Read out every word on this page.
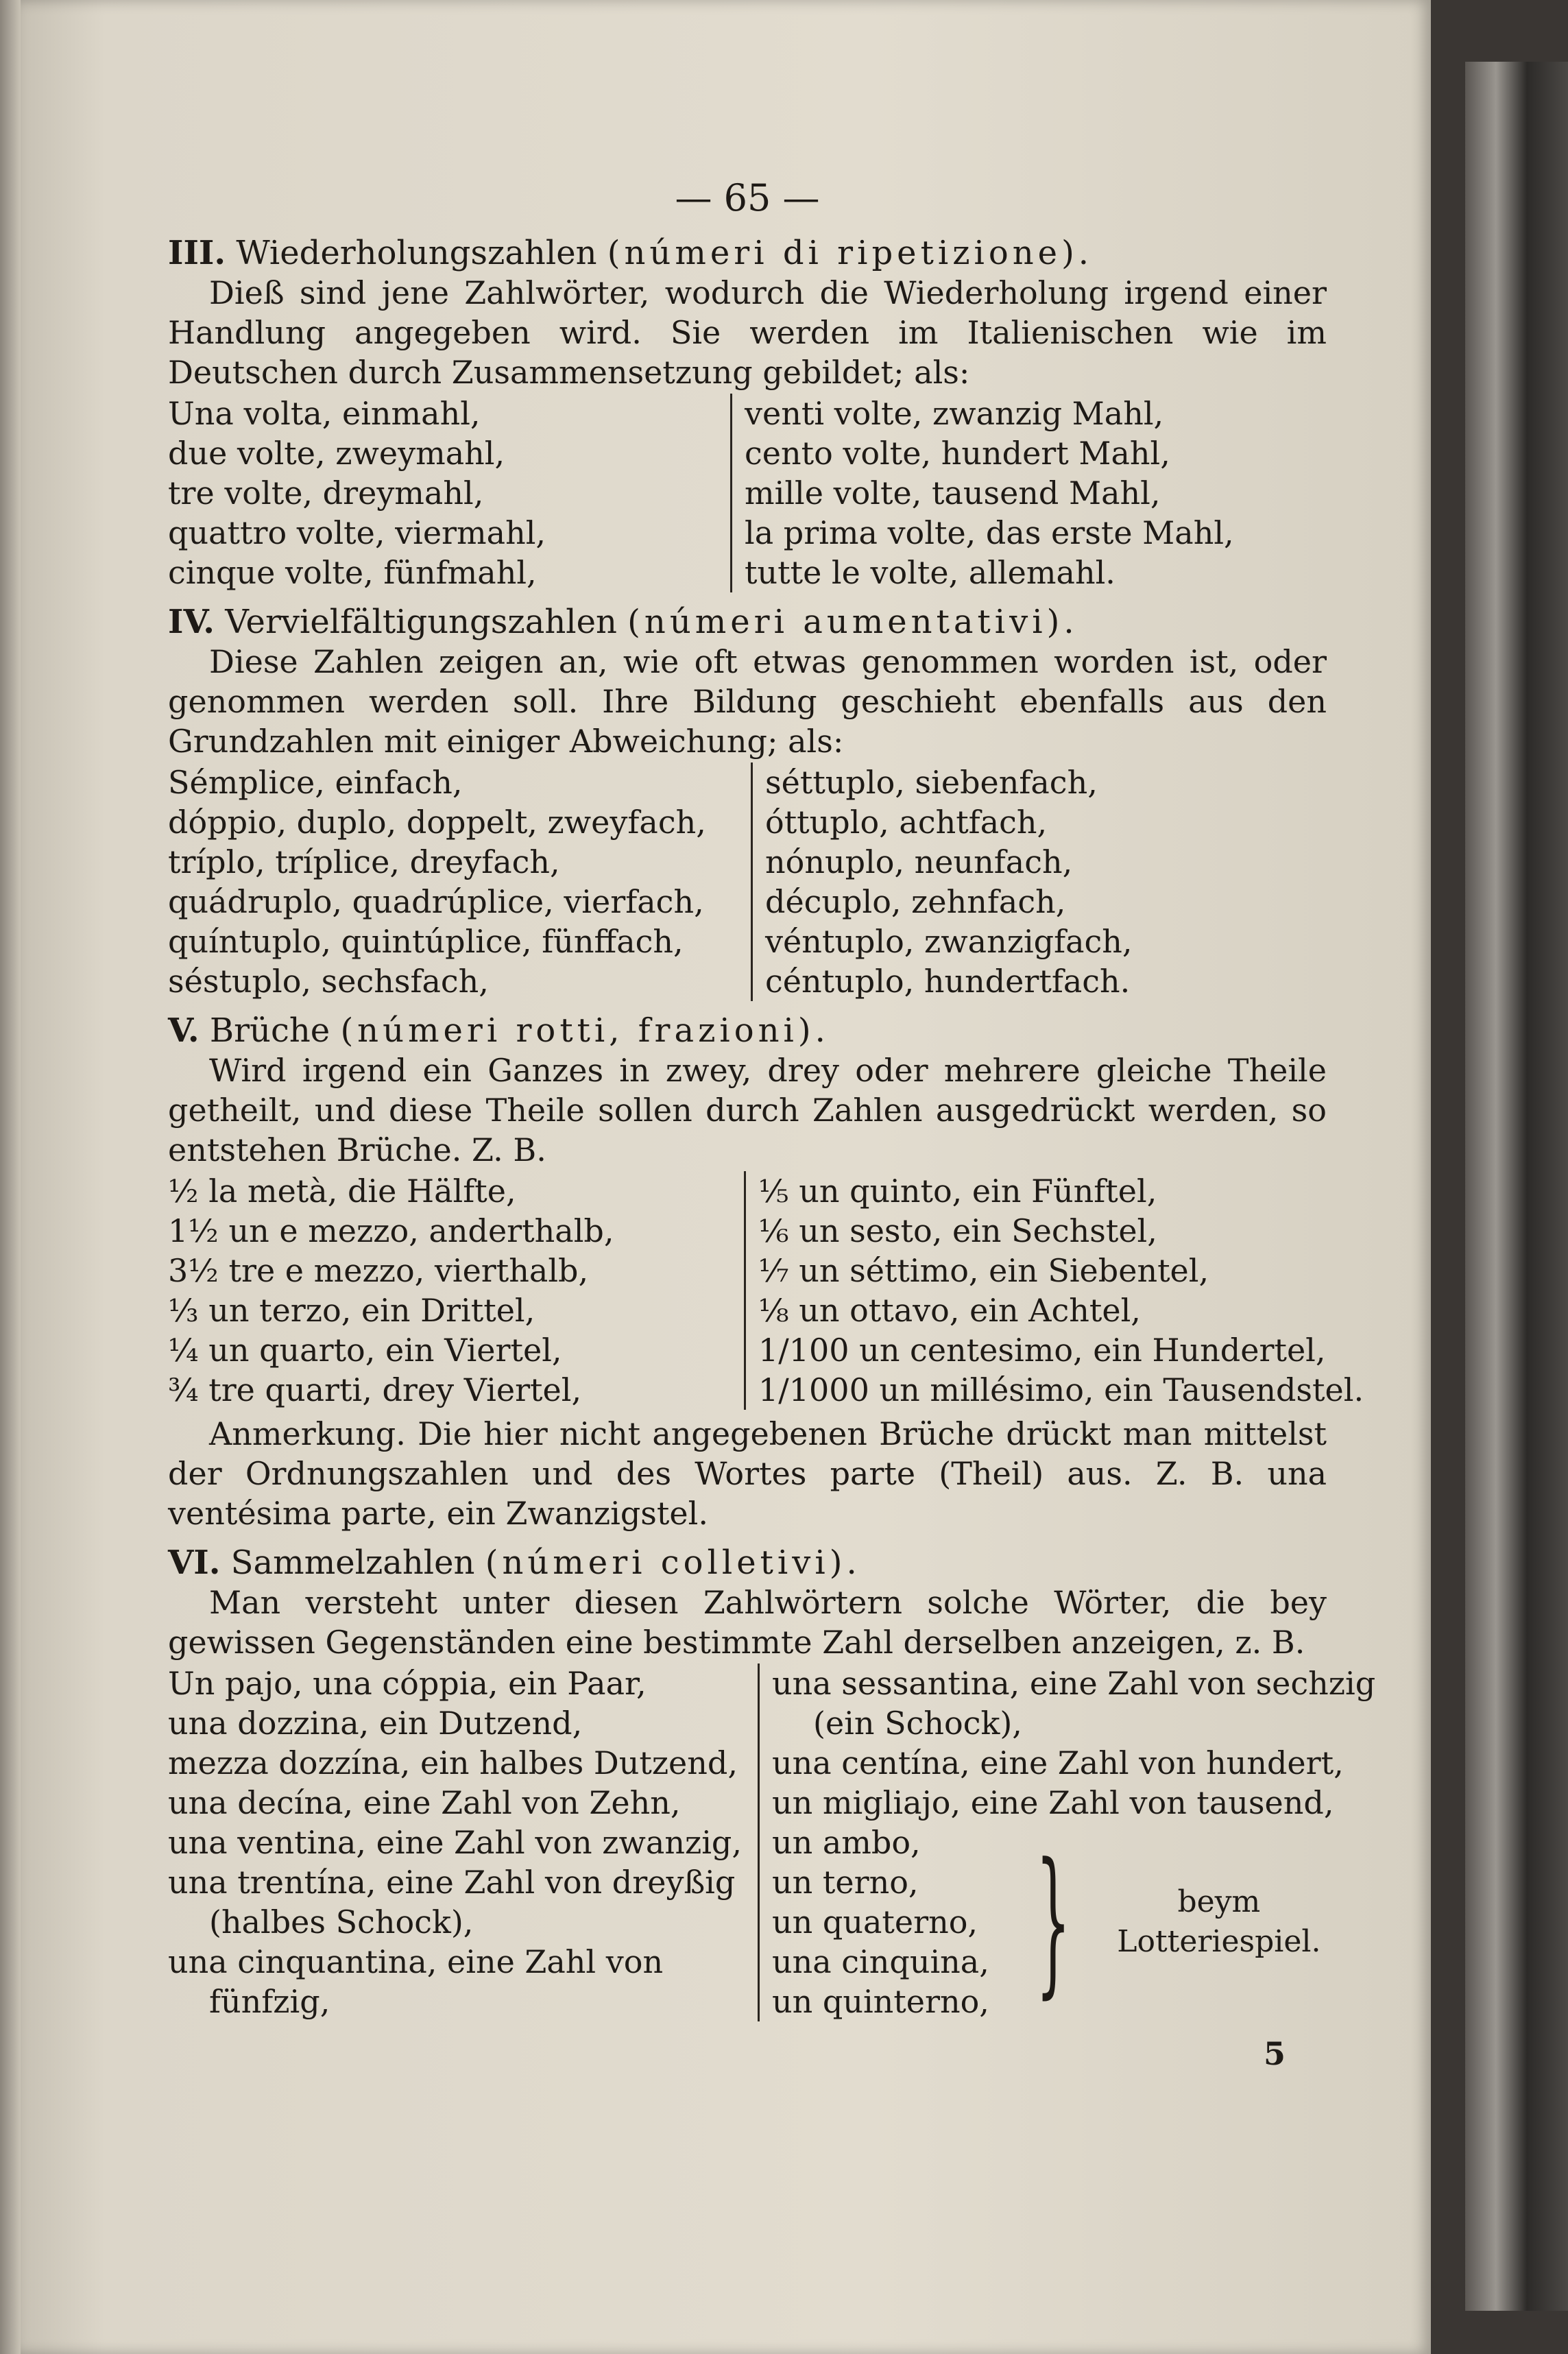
— 65 —
III. Wiederholungszahlen (númeri di ripetizione).
Dieß sind jene Zahlwörter, wodurch die Wiederholung irgend einer Handlung angegeben wird. Sie werden im Italienischen wie im Deutschen durch Zusammensetzung gebildet; als:
Una volta, einmahl,
due volte, zweymahl,
tre volte, dreymahl,
quattro volte, viermahl,
cinque volte, fünfmahl,
venti volte, zwanzig Mahl,
cento volte, hundert Mahl,
mille volte, tausend Mahl,
la prima volte, das erste Mahl,
tutte le volte, allemahl.
IV. Vervielfältigungszahlen (númeri aumentativi).
Diese Zahlen zeigen an, wie oft etwas genommen worden ist, oder genommen werden soll. Ihre Bildung geschieht ebenfalls aus den Grundzahlen mit einiger Abweichung; als:
Sémplice, einfach,
dóppio, duplo, doppelt, zweyfach,
tríplo, tríplice, dreyfach,
quádruplo, quadrúplice, vierfach,
quíntuplo, quintúplice, fünffach,
séstuplo, sechsfach,
séttuplo, siebenfach,
óttuplo, achtfach,
nónuplo, neunfach,
décuplo, zehnfach,
véntuplo, zwanzigfach,
céntuplo, hundertfach.
V. Brüche (númeri rotti, frazioni).
Wird irgend ein Ganzes in zwey, drey oder mehrere gleiche Theile getheilt, und diese Theile sollen durch Zahlen ausgedrückt werden, so entstehen Brüche. Z. B.
½ la metà, die Hälfte,
1½ un e mezzo, anderthalb,
3½ tre e mezzo, vierthalb,
⅓ un terzo, ein Drittel,
¼ un quarto, ein Viertel,
¾ tre quarti, drey Viertel,
⅕ un quinto, ein Fünftel,
⅙ un sesto, ein Sechstel,
⅐ un séttimo, ein Siebentel,
⅛ un ottavo, ein Achtel,
1/100 un centesimo, ein Hundertel,
1/1000 un millésimo, ein Tausendstel.
Anmerkung. Die hier nicht angegebenen Brüche drückt man mittelst der Ordnungszahlen und des Wortes parte (Theil) aus. Z. B. una ventésima parte, ein Zwanzigstel.
VI. Sammelzahlen (númeri colletivi).
Man versteht unter diesen Zahlwörtern solche Wörter, die bey gewissen Gegenständen eine bestimmte Zahl derselben anzeigen, z. B.
Un pajo, una cóppia, ein Paar,
una dozzina, ein Dutzend,
mezza dozzína, ein halbes Dutzend,
una decína, eine Zahl von Zehn,
una ventina, eine Zahl von zwanzig,
una trentína, eine Zahl von dreyßig
(halbes Schock),
una cinquantina, eine Zahl von
fünfzig,
una sessantina, eine Zahl von sechzig
(ein Schock),
una centína, eine Zahl von hundert,
un migliajo, eine Zahl von tausend,
un ambo,
un terno,
un quaterno,
una cinquina,
un quinterno, }	beym
Lotteriespiel.
5
